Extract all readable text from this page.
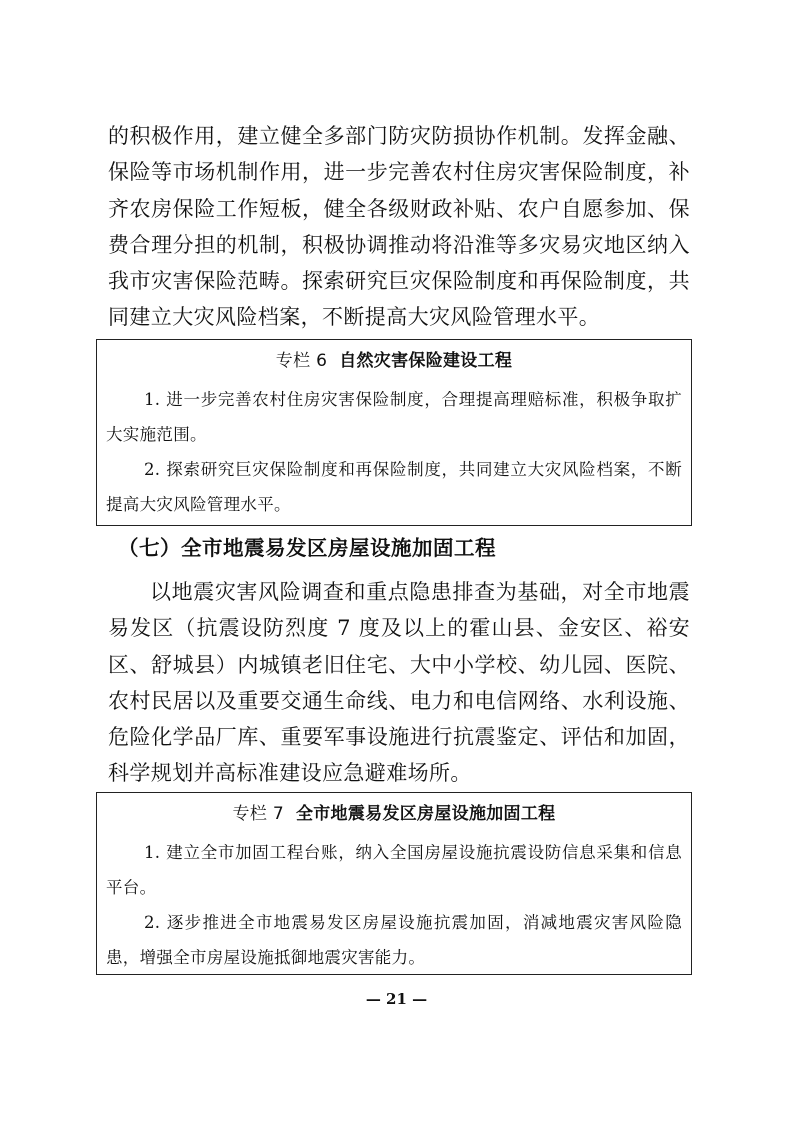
的积极作用，建立健全多部门防灾防损协作机制。发挥金融、保险等市场机制作用，进一步完善农村住房灾害保险制度，补齐农房保险工作短板，健全各级财政补贴、农户自愿参加、保费合理分担的机制，积极协调推动将沿淮等多灾易灾地区纳入我市灾害保险范畴。探索研究巨灾保险制度和再保险制度，共同建立大灾风险档案，不断提高大灾风险管理水平。

专栏 6 自然灾害保险建设工程

1. 进一步完善农村住房灾害保险制度，合理提高理赔标准，积极争取扩大实施范围。

2. 探索研究巨灾保险制度和再保险制度，共同建立大灾风险档案，不断提高大灾风险管理水平。

（七）全市地震易发区房屋设施加固工程

以地震灾害风险调查和重点隐患排查为基础，对全市地震易发区（抗震设防烈度 7 度及以上的霍山县、金安区、裕安区、舒城县）内城镇老旧住宅、大中小学校、幼儿园、医院、农村民居以及重要交通生命线、电力和电信网络、水利设施、危险化学品厂库、重要军事设施进行抗震鉴定、评估和加固，科学规划并高标准建设应急避难场所。

专栏 7 全市地震易发区房屋设施加固工程

1. 建立全市加固工程台账，纳入全国房屋设施抗震设防信息采集和信息平台。

2. 逐步推进全市地震易发区房屋设施抗震加固，消减地震灾害风险隐患，增强全市房屋设施抵御地震灾害能力。

— 21 —
